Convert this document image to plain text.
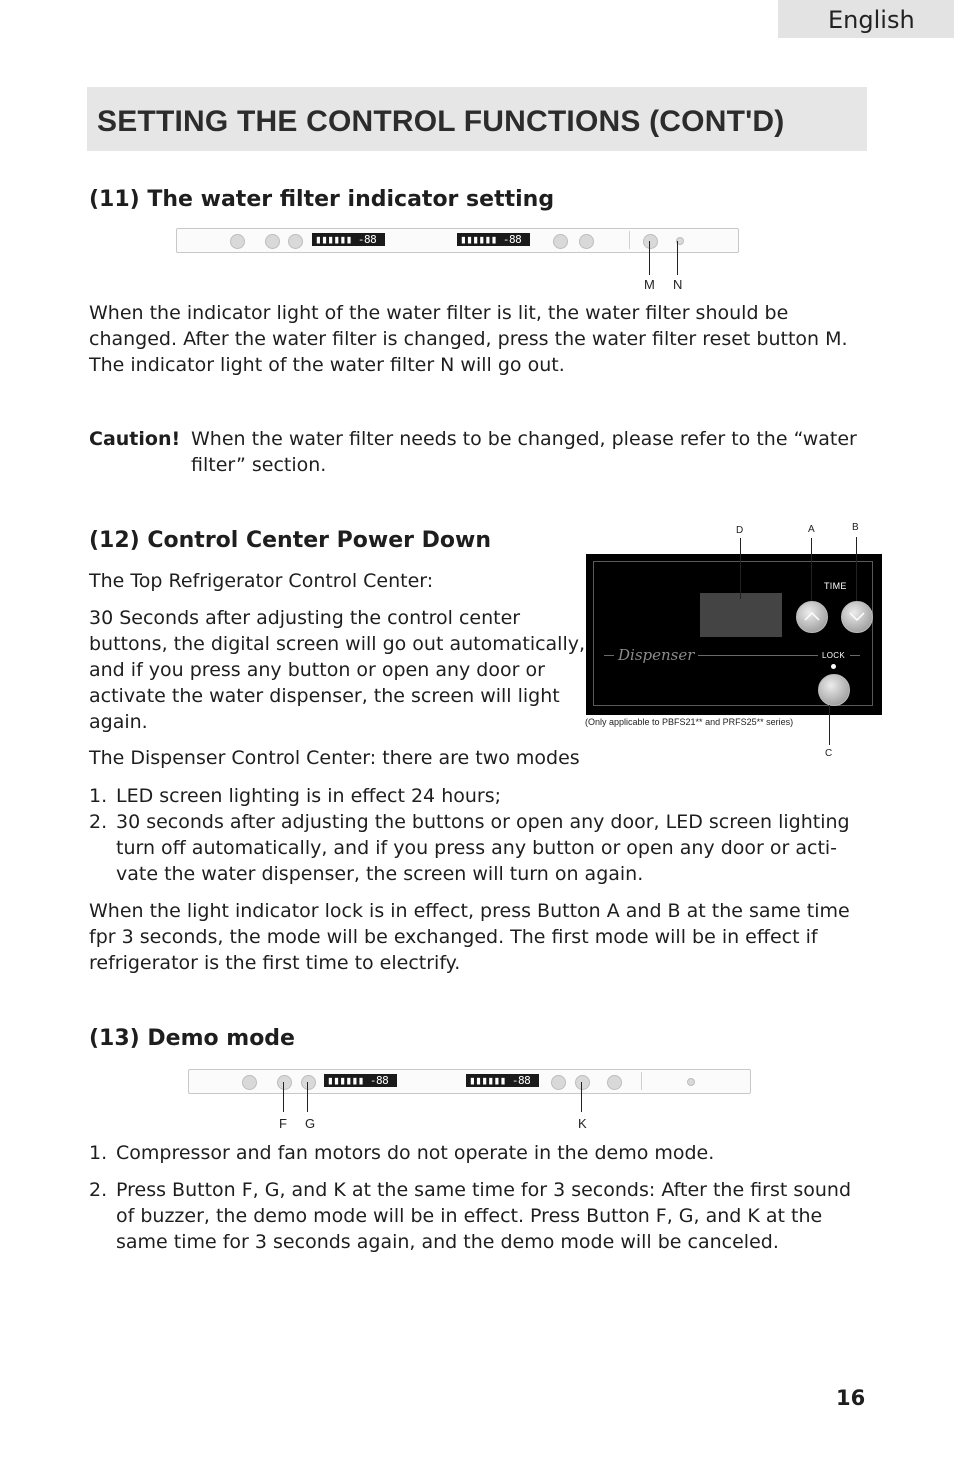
English
SETTING THE CONTROL FUNCTIONS (CONT'D)
(11) The water filter indicator setting
▮▮▮▮▮▮ -88	▮▮▮▮▮▮ -88
M N
When the indicator light of the water filter is lit, the water filter should be
changed. After the water filter is changed, press the water filter reset button M.
The indicator light of the water filter N will go out.
Caution! When the water filter needs to be changed, please refer to the “water
filter” section.
(12) Control Center Power Down
The Top Refrigerator Control Center:
30 Seconds after adjusting the control center
buttons, the digital screen will go out automatically,
and if you press any button or open any door or
activate the water dispenser, the screen will light
again.
The Dispenser Control Center: there are two modes
1. LED screen lighting is in effect 24 hours;
2. 30 seconds after adjusting the buttons or open any door, LED screen lighting
turn off automatically, and if you press any button or open any door or acti-
vate the water dispenser, the screen will turn on again.
When the light indicator lock is in effect, press Button A and B at the same time
fpr 3 seconds, the mode will be exchanged. The first mode will be in effect if
refrigerator is the first time to electrify.
D	A	B
TIME
Dispenser	LOCK
(Only applicable to PBFS21** and PRFS25** series)
C
(13) Demo mode
▮▮▮▮▮▮ -88	▮▮▮▮▮▮ -88
F G	K
1. Compressor and fan motors do not operate in the demo mode.
2. Press Button F, G, and K at the same time for 3 seconds: After the first sound
of buzzer, the demo mode will be in effect. Press Button F, G, and K at the
same time for 3 seconds again, and the demo mode will be canceled.
16
